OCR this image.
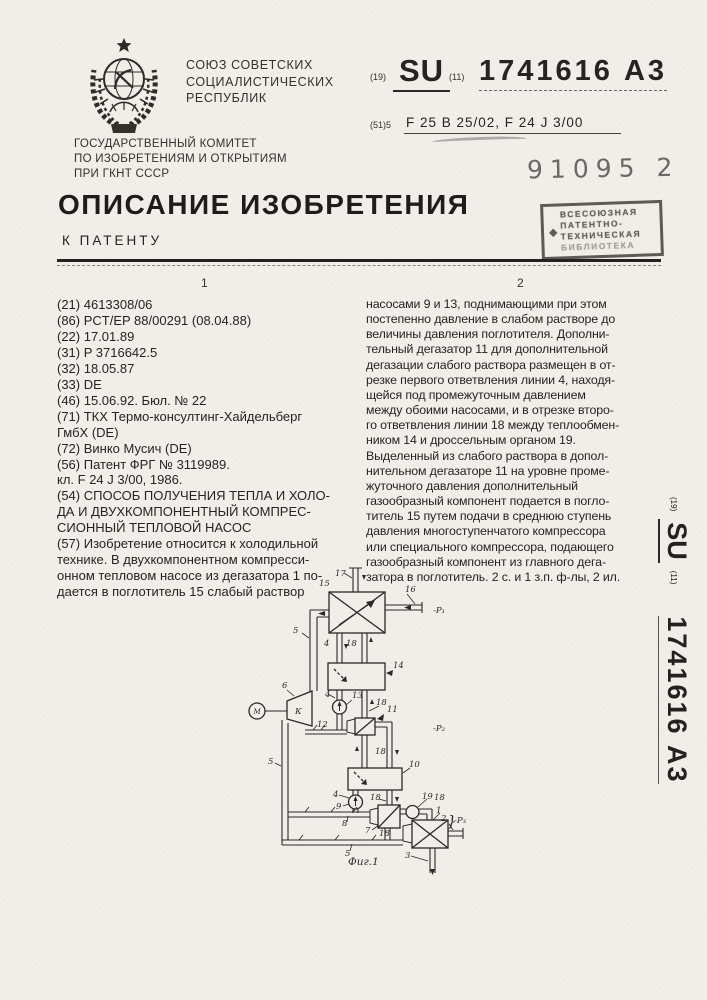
СОЮЗ СОВЕТСКИХ
СОЦИАЛИСТИЧЕСКИХ
РЕСПУБЛИК
(19) SU (11) 1741616 А3
(51)5 F 25 B 25/02, F 24 J 3/00
ГОСУДАРСТВЕННЫЙ КОМИТЕТ
ПО ИЗОБРЕТЕНИЯМ И ОТКРЫТИЯМ
ПРИ ГКНТ СССР	91095 2
ОПИСАНИЕ ИЗОБРЕТЕНИЯ
К ПАТЕНТУ
◆
ВСЕСОЮЗНАЯ
ПАТЕНТНО-
ТЕХНИЧЕСКАЯ
БИБЛИОТЕКА
1	2
(21) 4613308/06
(86) PCT/EP 88/00291 (08.04.88)
(22) 17.01.89
(31) P 3716642.5
(32) 18.05.87
(33) DE
(46) 15.06.92. Бюл. № 22
(71) ТКХ Термо-консултинг-Хайдельберг
ГмбХ (DE)
(72) Винко Мусич (DE)
(56) Патент ФРГ № 3119989.
кл. F 24 J 3/00, 1986.
(54) СПОСОБ ПОЛУЧЕНИЯ ТЕПЛА И ХОЛО-
ДА И ДВУХКОМПОНЕНТНЫЙ КОМПРЕС-
СИОННЫЙ ТЕПЛОВОЙ НАСОС
(57) Изобретение относится к холодильной
технике. В двухкомпонентном компресси-
онном тепловом насосе из дегазатора 1 по-
дается в поглотитель 15 слабый раствор
насосами 9 и 13, поднимающими при этом
постепенно давление в слабом растворе до
величины давления поглотителя. Дополни-
тельный дегазатор 11 для дополнительной
дегазации слабого раствора размещен в от-
резке первого ответвления линии 4, находя-
щейся под промежуточным давлением
между обоими насосами, и в отрезке второ-
го ответвления линии 18 между теплообмен-
ником 14 и дроссельным органом 19.
Выделенный из слабого раствора в допол-
нительном дегазаторе 11 на уровне проме-
жуточного давления дополнительный
газообразный компонент подается в погло-
титель 15 путем подачи в среднюю ступень
давления многоступенчатого компрессора
или специального компрессора, подающего
газообразный компонент из главного дега-
затора в поглотитель. 2 с. и 1 з.п. ф-лы, 2 ил.
(19)
SU
(11)
1741616 А3
15
17
16
-P₁
5
4 18
14
4	13
18
6
К
М
12
11
-P₂
18
10
4
9
18
7 18
19 18
1
2 }
-P₃
3
8
5
5
Фиг.1
